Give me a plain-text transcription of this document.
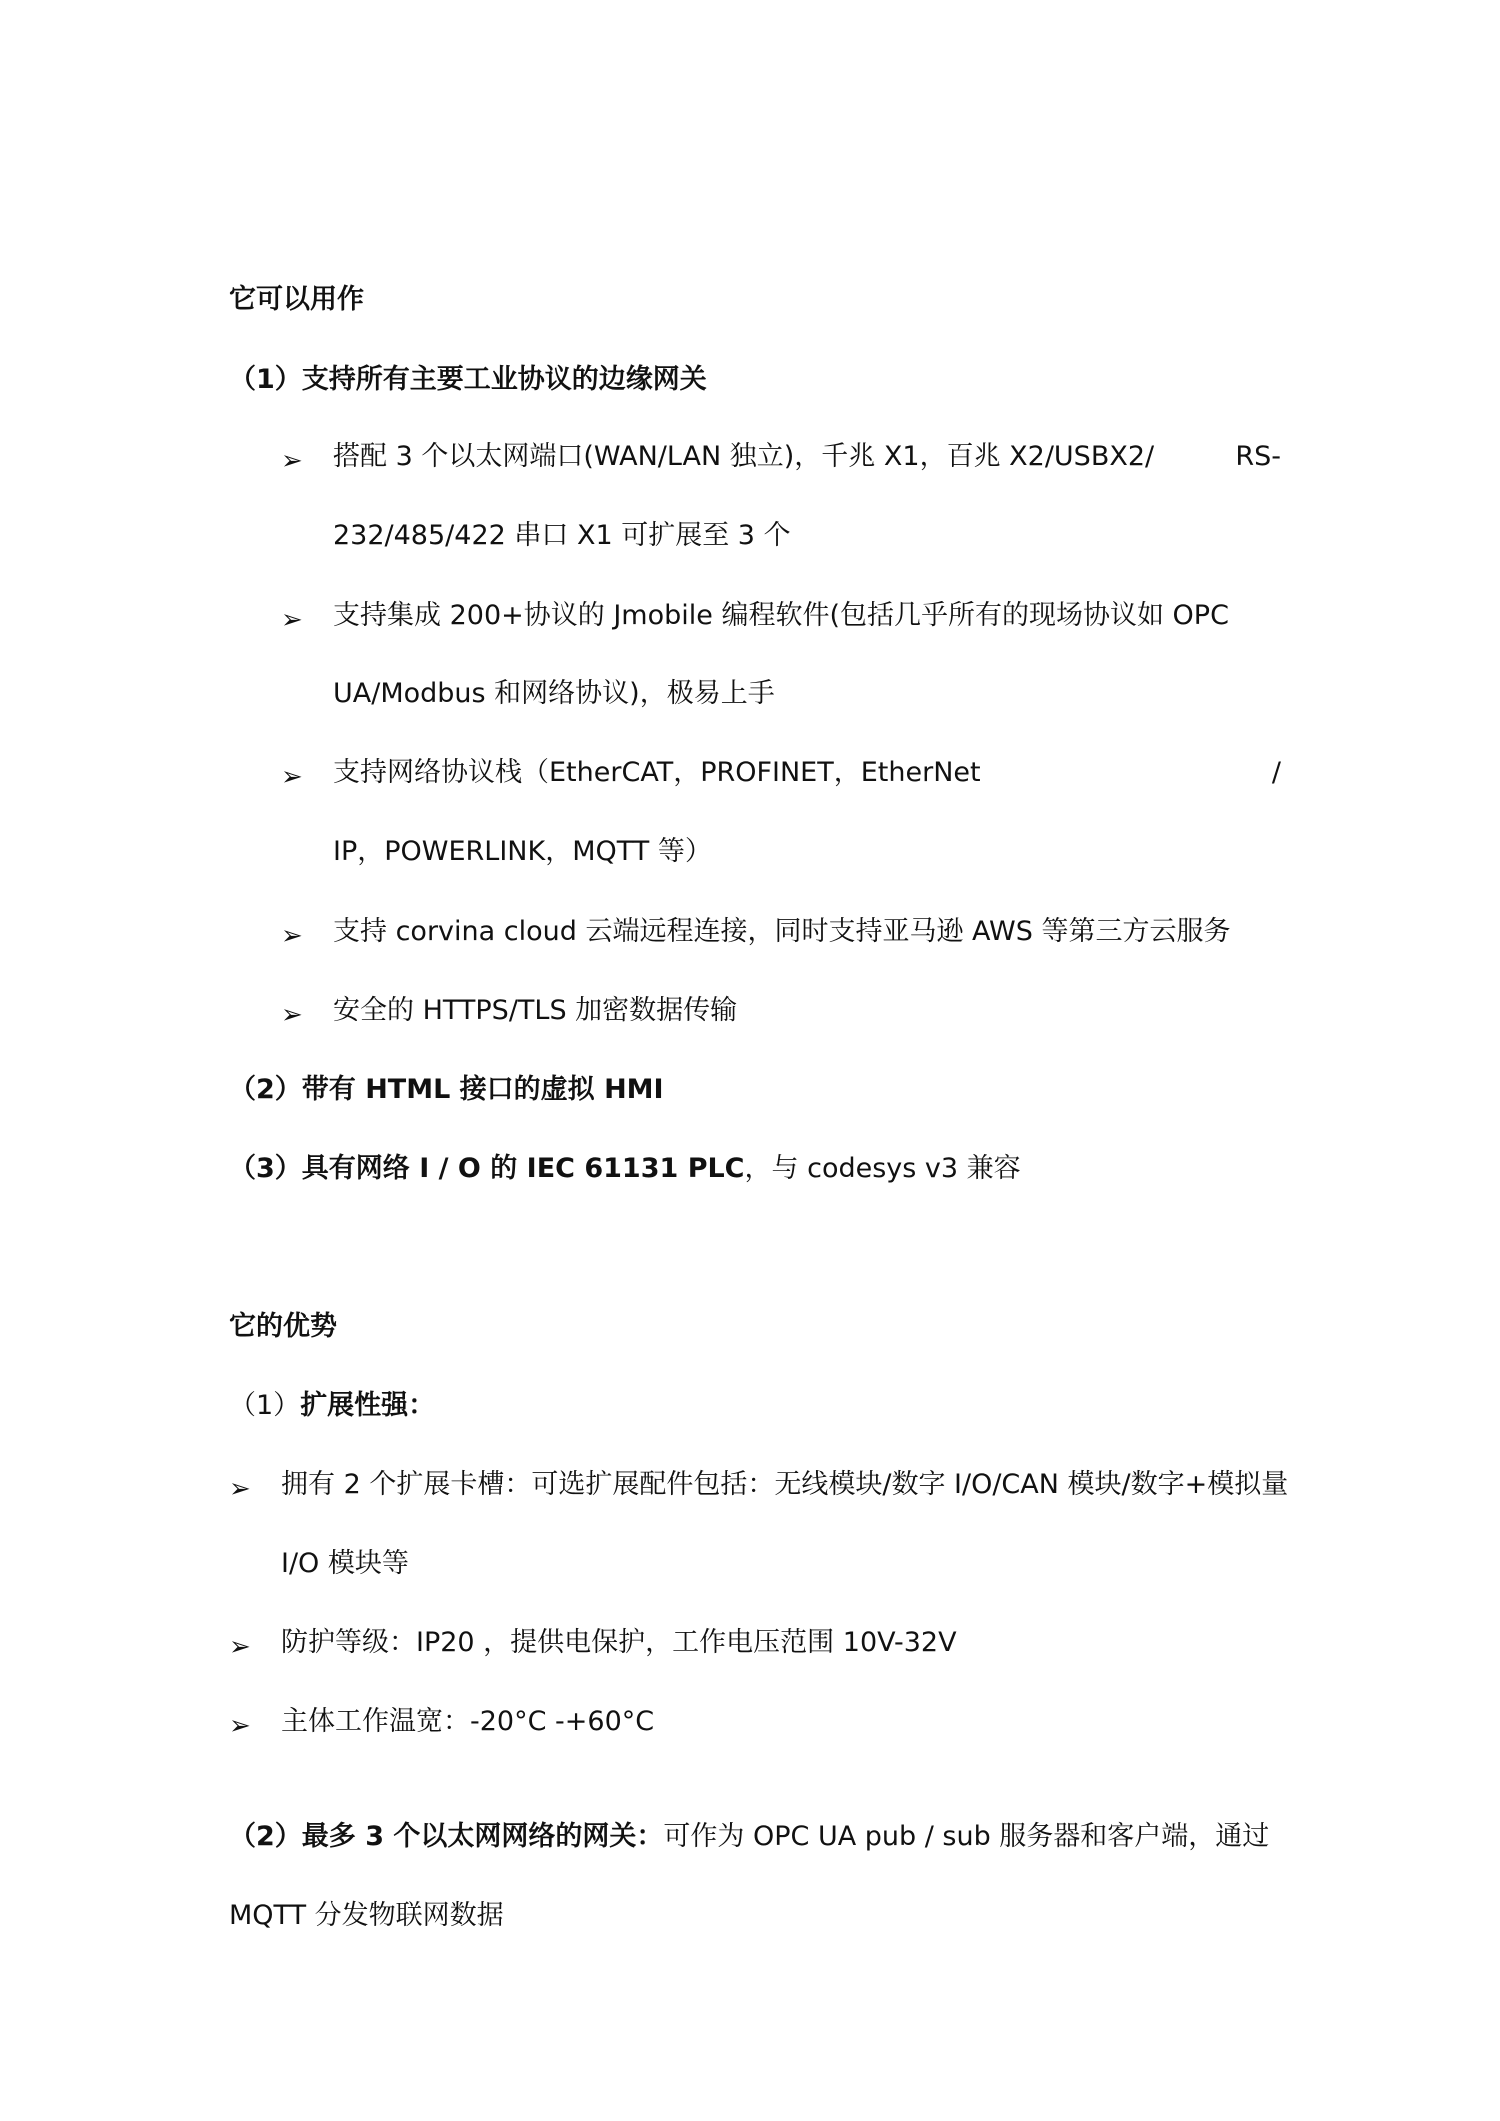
它可以用作
（1）支持所有主要工业协议的边缘网关
➢ 搭配 3 个以太网端口(WAN/LAN 独立)，千兆 X1，百兆 X2/USBX2/	RS-
232/485/422 串口 X1 可扩展至 3 个
➢ 支持集成 200+协议的 Jmobile 编程软件(包括几乎所有的现场协议如 OPC
UA/Modbus 和网络协议)，极易上手
➢ 支持网络协议栈（EtherCAT，PROFINET，EtherNet	/
IP，POWERLINK，MQTT 等）
➢ 支持 corvina cloud 云端远程连接，同时支持亚马逊 AWS 等第三方云服务
➢ 安全的 HTTPS/TLS 加密数据传输
（2）带有 HTML 接口的虚拟 HMI
（3）具有网络 I / O 的 IEC 61131 PLC，与 codesys v3 兼容
它的优势
（1）扩展性强：
➢ 拥有 2 个扩展卡槽：可选扩展配件包括：无线模块/数字 I/O/CAN 模块/数字+模拟量
I/O 模块等
➢ 防护等级：IP20 ，提供电保护，工作电压范围 10V-32V
➢ 主体工作温宽：-20°C -+60°C
（2）最多 3 个以太网网络的网关：可作为 OPC UA pub / sub 服务器和客户端，通过
MQTT 分发物联网数据
